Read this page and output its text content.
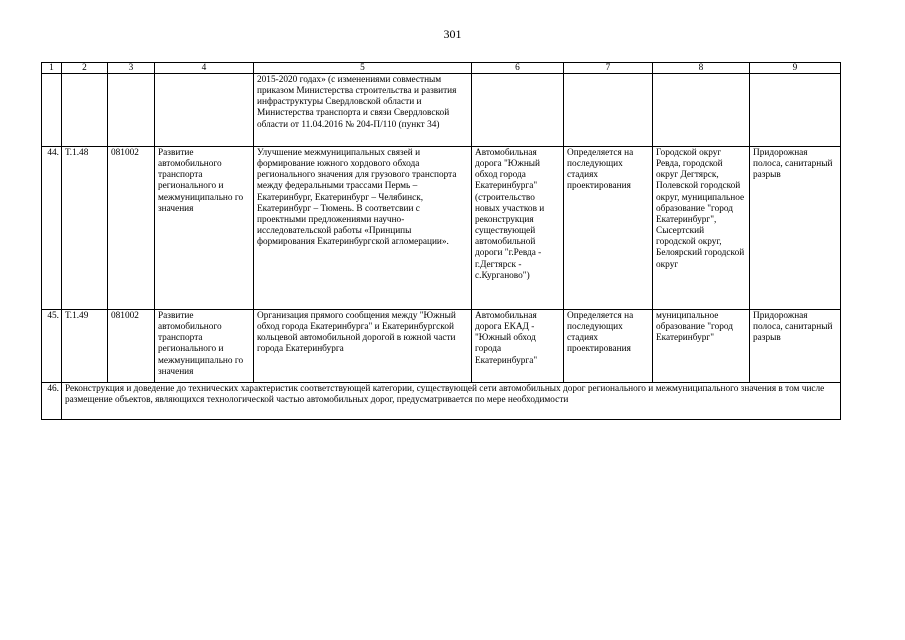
301
1	2	3	4	5	6	7	8	9
				2015-2020 годах» (с изменениями совместным приказом Министерства строительства и развития инфраструктуры Свердловской области и Министерства транспорта и связи Свердловской области от 11.04.2016 № 204-П/110 (пункт 34)				
44.	Т.1.48	081002	Развитие автомобильного транспорта регионального и межмуниципально го значения	Улучшение межмуниципальных связей и формирование южного хордового обхода регионального значения для грузового транспорта между федеральными трассами Пермь – Екатеринбург, Екатеринбург – Челябинск, Екатеринбург – Тюмень. В соответсвии с проектными предложениями научно-исследовательской работы «Принципы формирования Екатеринбургской агломерации».	Автомобильная дорога "Южный обход города Екатеринбурга" (строительство новых участков и реконструкция существующей автомобильной дороги "г.Ревда - г.Дегтярск - с.Курганово")	Определяется на последующих стадиях проектирования	Городской округ Ревда, городской округ Дегтярск, Полевской городской округ, муниципальное образование "город Екатеринбург", Сысертский городской округ, Белоярский городской округ	Придорожная полоса, санитарный разрыв
45.	Т.1.49	081002	Развитие автомобильного транспорта регионального и межмуниципально го значения	Организация прямого сообщения между "Южный обход города Екатеринбурга" и Екатеринбургской кольцевой автомобильной дорогой в южной части города Екатеринбурга	Автомобильная дорога ЕКАД - "Южный обход города Екатеринбурга"	Определяется на последующих стадиях проектирования	муниципальное образование "город Екатеринбург"	Придорожная полоса, санитарный разрыв
46.	Реконструкция и доведение до технических характеристик соответствующей категории, существующей сети автомобильных дорог регионального и межмуниципального значения в том числе размещение объектов, являющихся технологической частью автомобильных дорог, предусматривается по мере необходимости							
